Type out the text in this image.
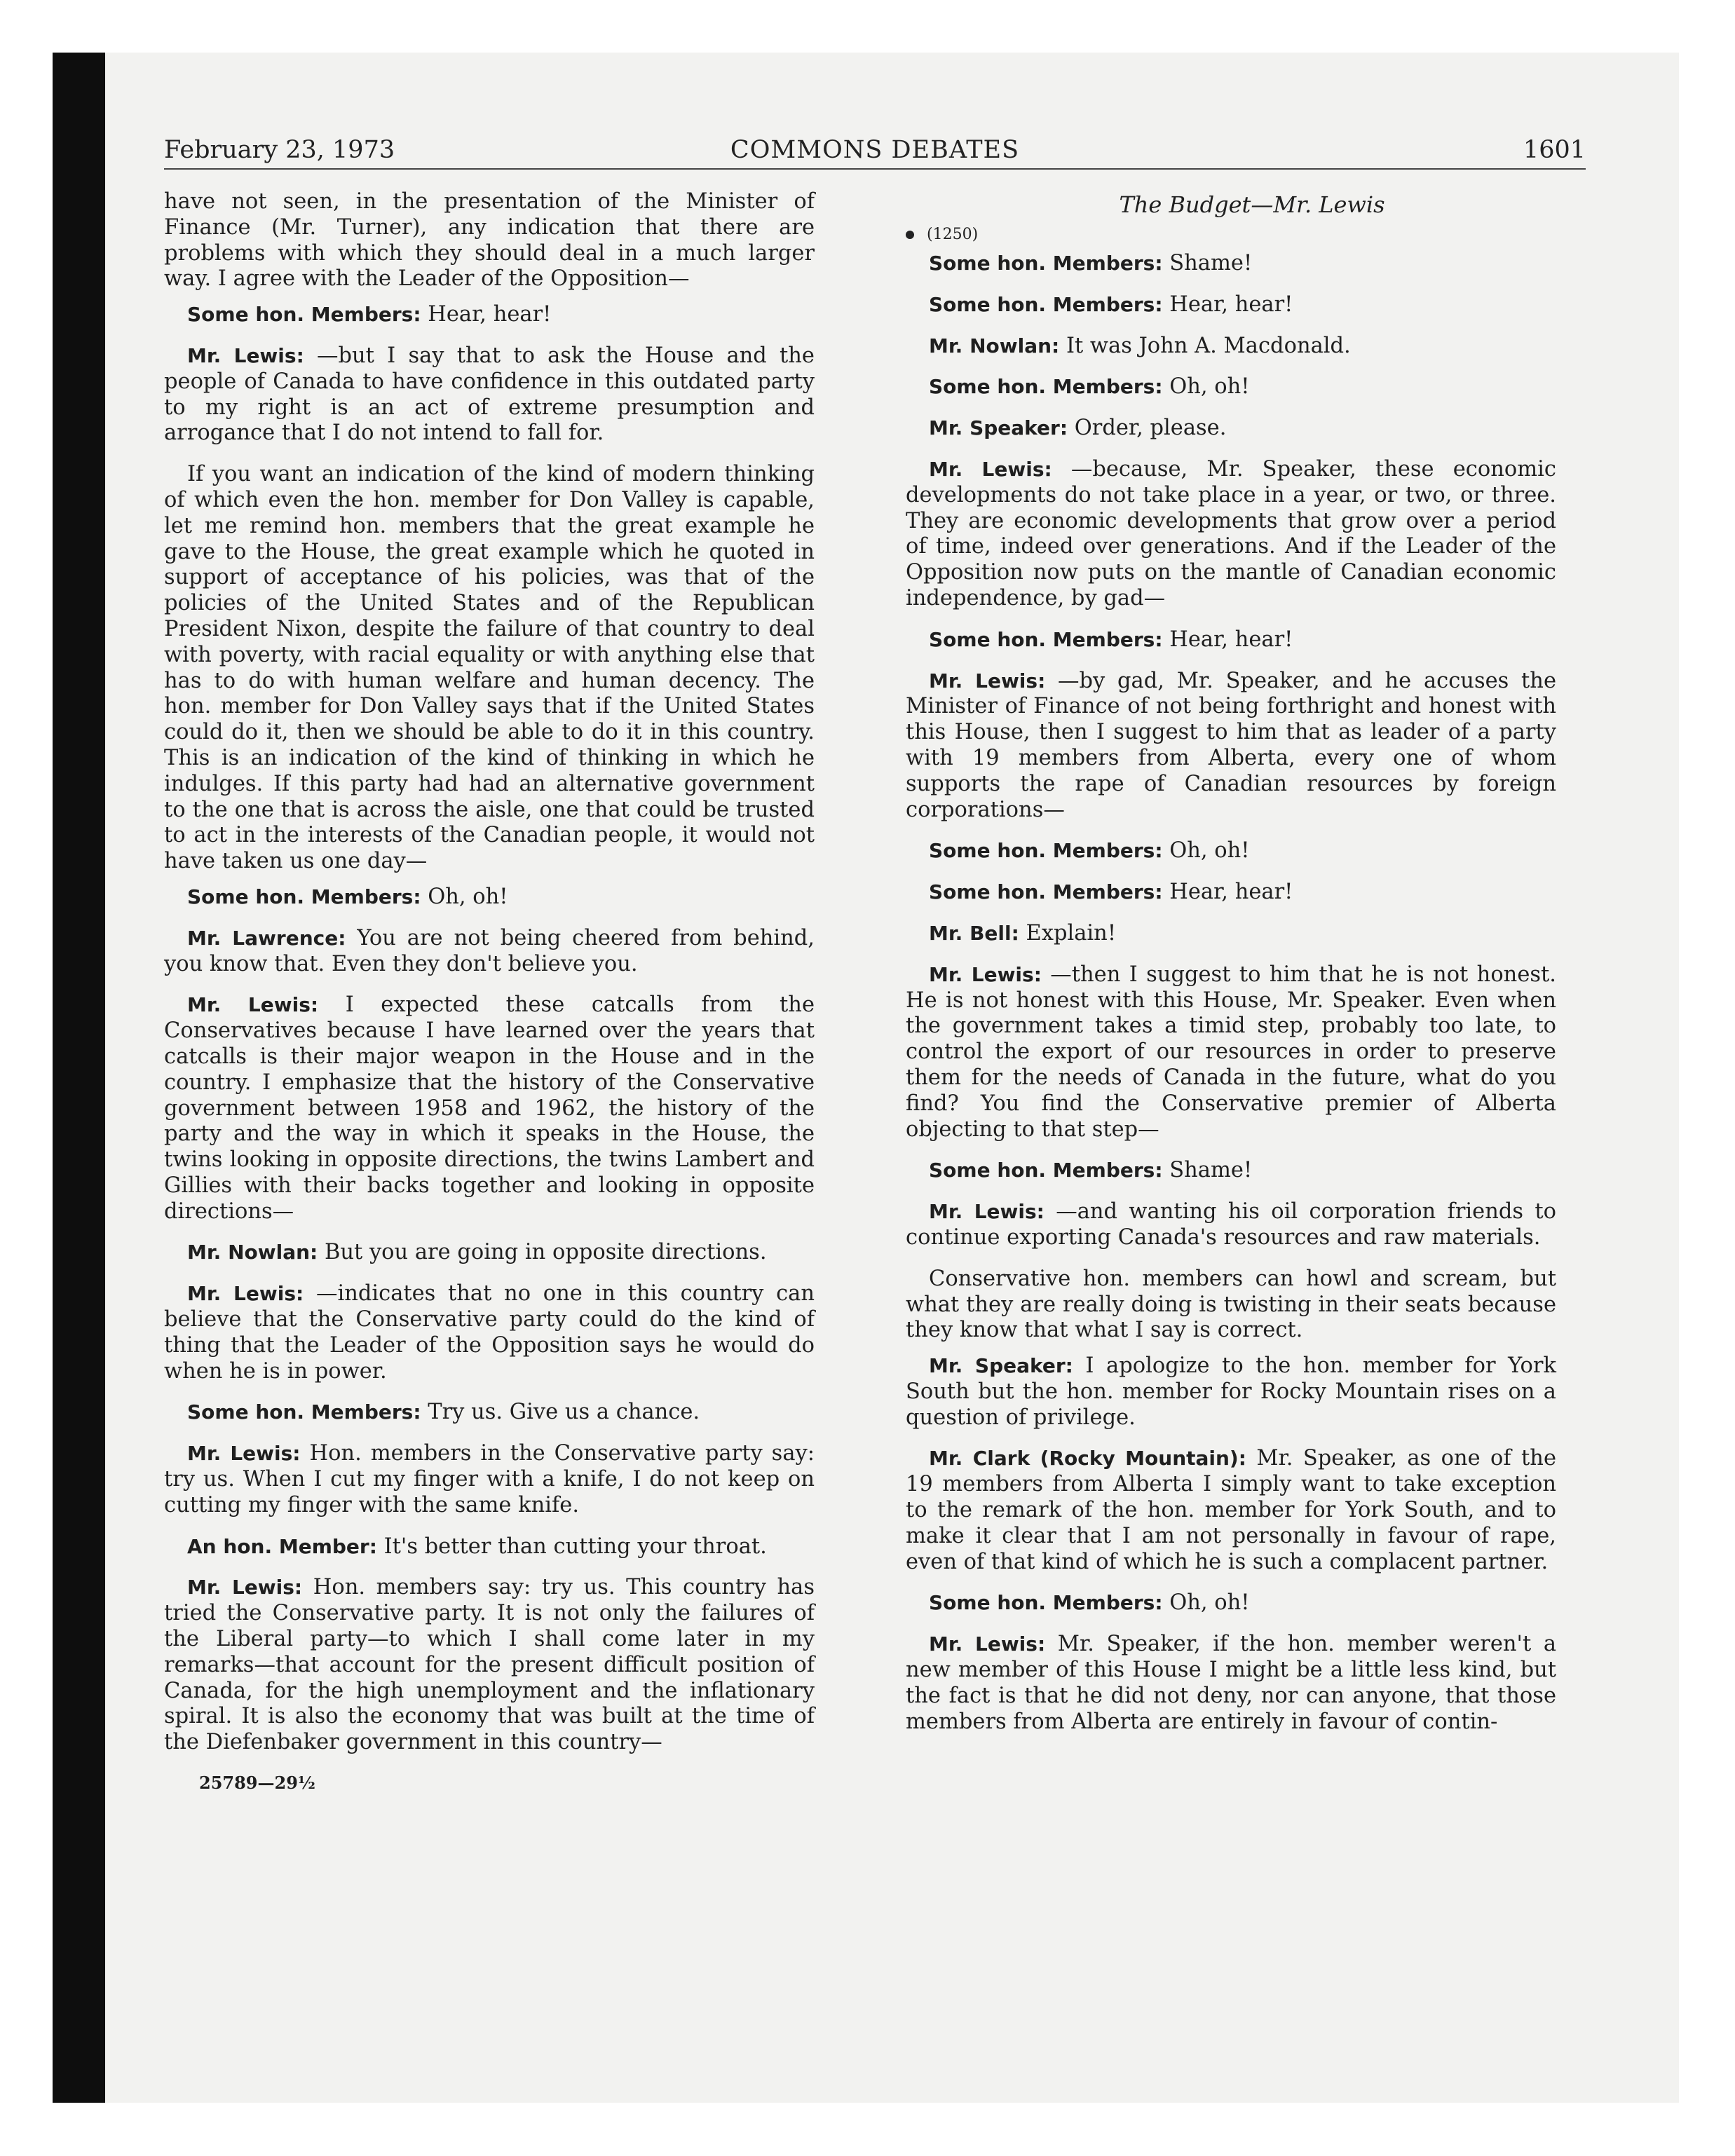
February 23, 1973	COMMONS DEBATES	1601

have not seen, in the presentation of the Minister of Finance (Mr. Turner), any indication that there are problems with which they should deal in a much larger way. I agree with the Leader of the Opposition—

Some hon. Members: Hear, hear!

Mr. Lewis: —but I say that to ask the House and the people of Canada to have confidence in this outdated party to my right is an act of extreme presumption and arrogance that I do not intend to fall for.

If you want an indication of the kind of modern thinking of which even the hon. member for Don Valley is capable, let me remind hon. members that the great example he gave to the House, the great example which he quoted in support of acceptance of his policies, was that of the policies of the United States and of the Republican President Nixon, despite the failure of that country to deal with poverty, with racial equality or with anything else that has to do with human welfare and human decency. The hon. member for Don Valley says that if the United States could do it, then we should be able to do it in this country. This is an indication of the kind of thinking in which he indulges. If this party had had an alternative government to the one that is across the aisle, one that could be trusted to act in the interests of the Canadian people, it would not have taken us one day—

Some hon. Members: Oh, oh!

Mr. Lawrence: You are not being cheered from behind, you know that. Even they don't believe you.

Mr. Lewis: I expected these catcalls from the Conservatives because I have learned over the years that catcalls is their major weapon in the House and in the country. I emphasize that the history of the Conservative government between 1958 and 1962, the history of the party and the way in which it speaks in the House, the twins looking in opposite directions, the twins Lambert and Gillies with their backs together and looking in opposite directions—

Mr. Nowlan: But you are going in opposite directions.

Mr. Lewis: —indicates that no one in this country can believe that the Conservative party could do the kind of thing that the Leader of the Opposition says he would do when he is in power.

Some hon. Members: Try us. Give us a chance.

Mr. Lewis: Hon. members in the Conservative party say: try us. When I cut my finger with a knife, I do not keep on cutting my finger with the same knife.

An hon. Member: It's better than cutting your throat.

Mr. Lewis: Hon. members say: try us. This country has tried the Conservative party. It is not only the failures of the Liberal party—to which I shall come later in my remarks—that account for the present difficult position of Canada, for the high unemployment and the inflationary spiral. It is also the economy that was built at the time of the Diefenbaker government in this country—

25789—29½
The Budget—Mr. Lewis
(1250)

Some hon. Members: Shame!

Some hon. Members: Hear, hear!

Mr. Nowlan: It was John A. Macdonald.

Some hon. Members: Oh, oh!

Mr. Speaker: Order, please.

Mr. Lewis: —because, Mr. Speaker, these economic developments do not take place in a year, or two, or three. They are economic developments that grow over a period of time, indeed over generations. And if the Leader of the Opposition now puts on the mantle of Canadian economic independence, by gad—

Some hon. Members: Hear, hear!

Mr. Lewis: —by gad, Mr. Speaker, and he accuses the Minister of Finance of not being forthright and honest with this House, then I suggest to him that as leader of a party with 19 members from Alberta, every one of whom supports the rape of Canadian resources by foreign corporations—

Some hon. Members: Oh, oh!

Some hon. Members: Hear, hear!

Mr. Bell: Explain!

Mr. Lewis: —then I suggest to him that he is not honest. He is not honest with this House, Mr. Speaker. Even when the government takes a timid step, probably too late, to control the export of our resources in order to preserve them for the needs of Canada in the future, what do you find? You find the Conservative premier of Alberta objecting to that step—

Some hon. Members: Shame!

Mr. Lewis: —and wanting his oil corporation friends to continue exporting Canada's resources and raw materials.

Conservative hon. members can howl and scream, but what they are really doing is twisting in their seats because they know that what I say is correct.

Mr. Speaker: I apologize to the hon. member for York South but the hon. member for Rocky Mountain rises on a question of privilege.

Mr. Clark (Rocky Mountain): Mr. Speaker, as one of the 19 members from Alberta I simply want to take exception to the remark of the hon. member for York South, and to make it clear that I am not personally in favour of rape, even of that kind of which he is such a complacent partner.

Some hon. Members: Oh, oh!

Mr. Lewis: Mr. Speaker, if the hon. member weren't a new member of this House I might be a little less kind, but the fact is that he did not deny, nor can anyone, that those members from Alberta are entirely in favour of contin-
